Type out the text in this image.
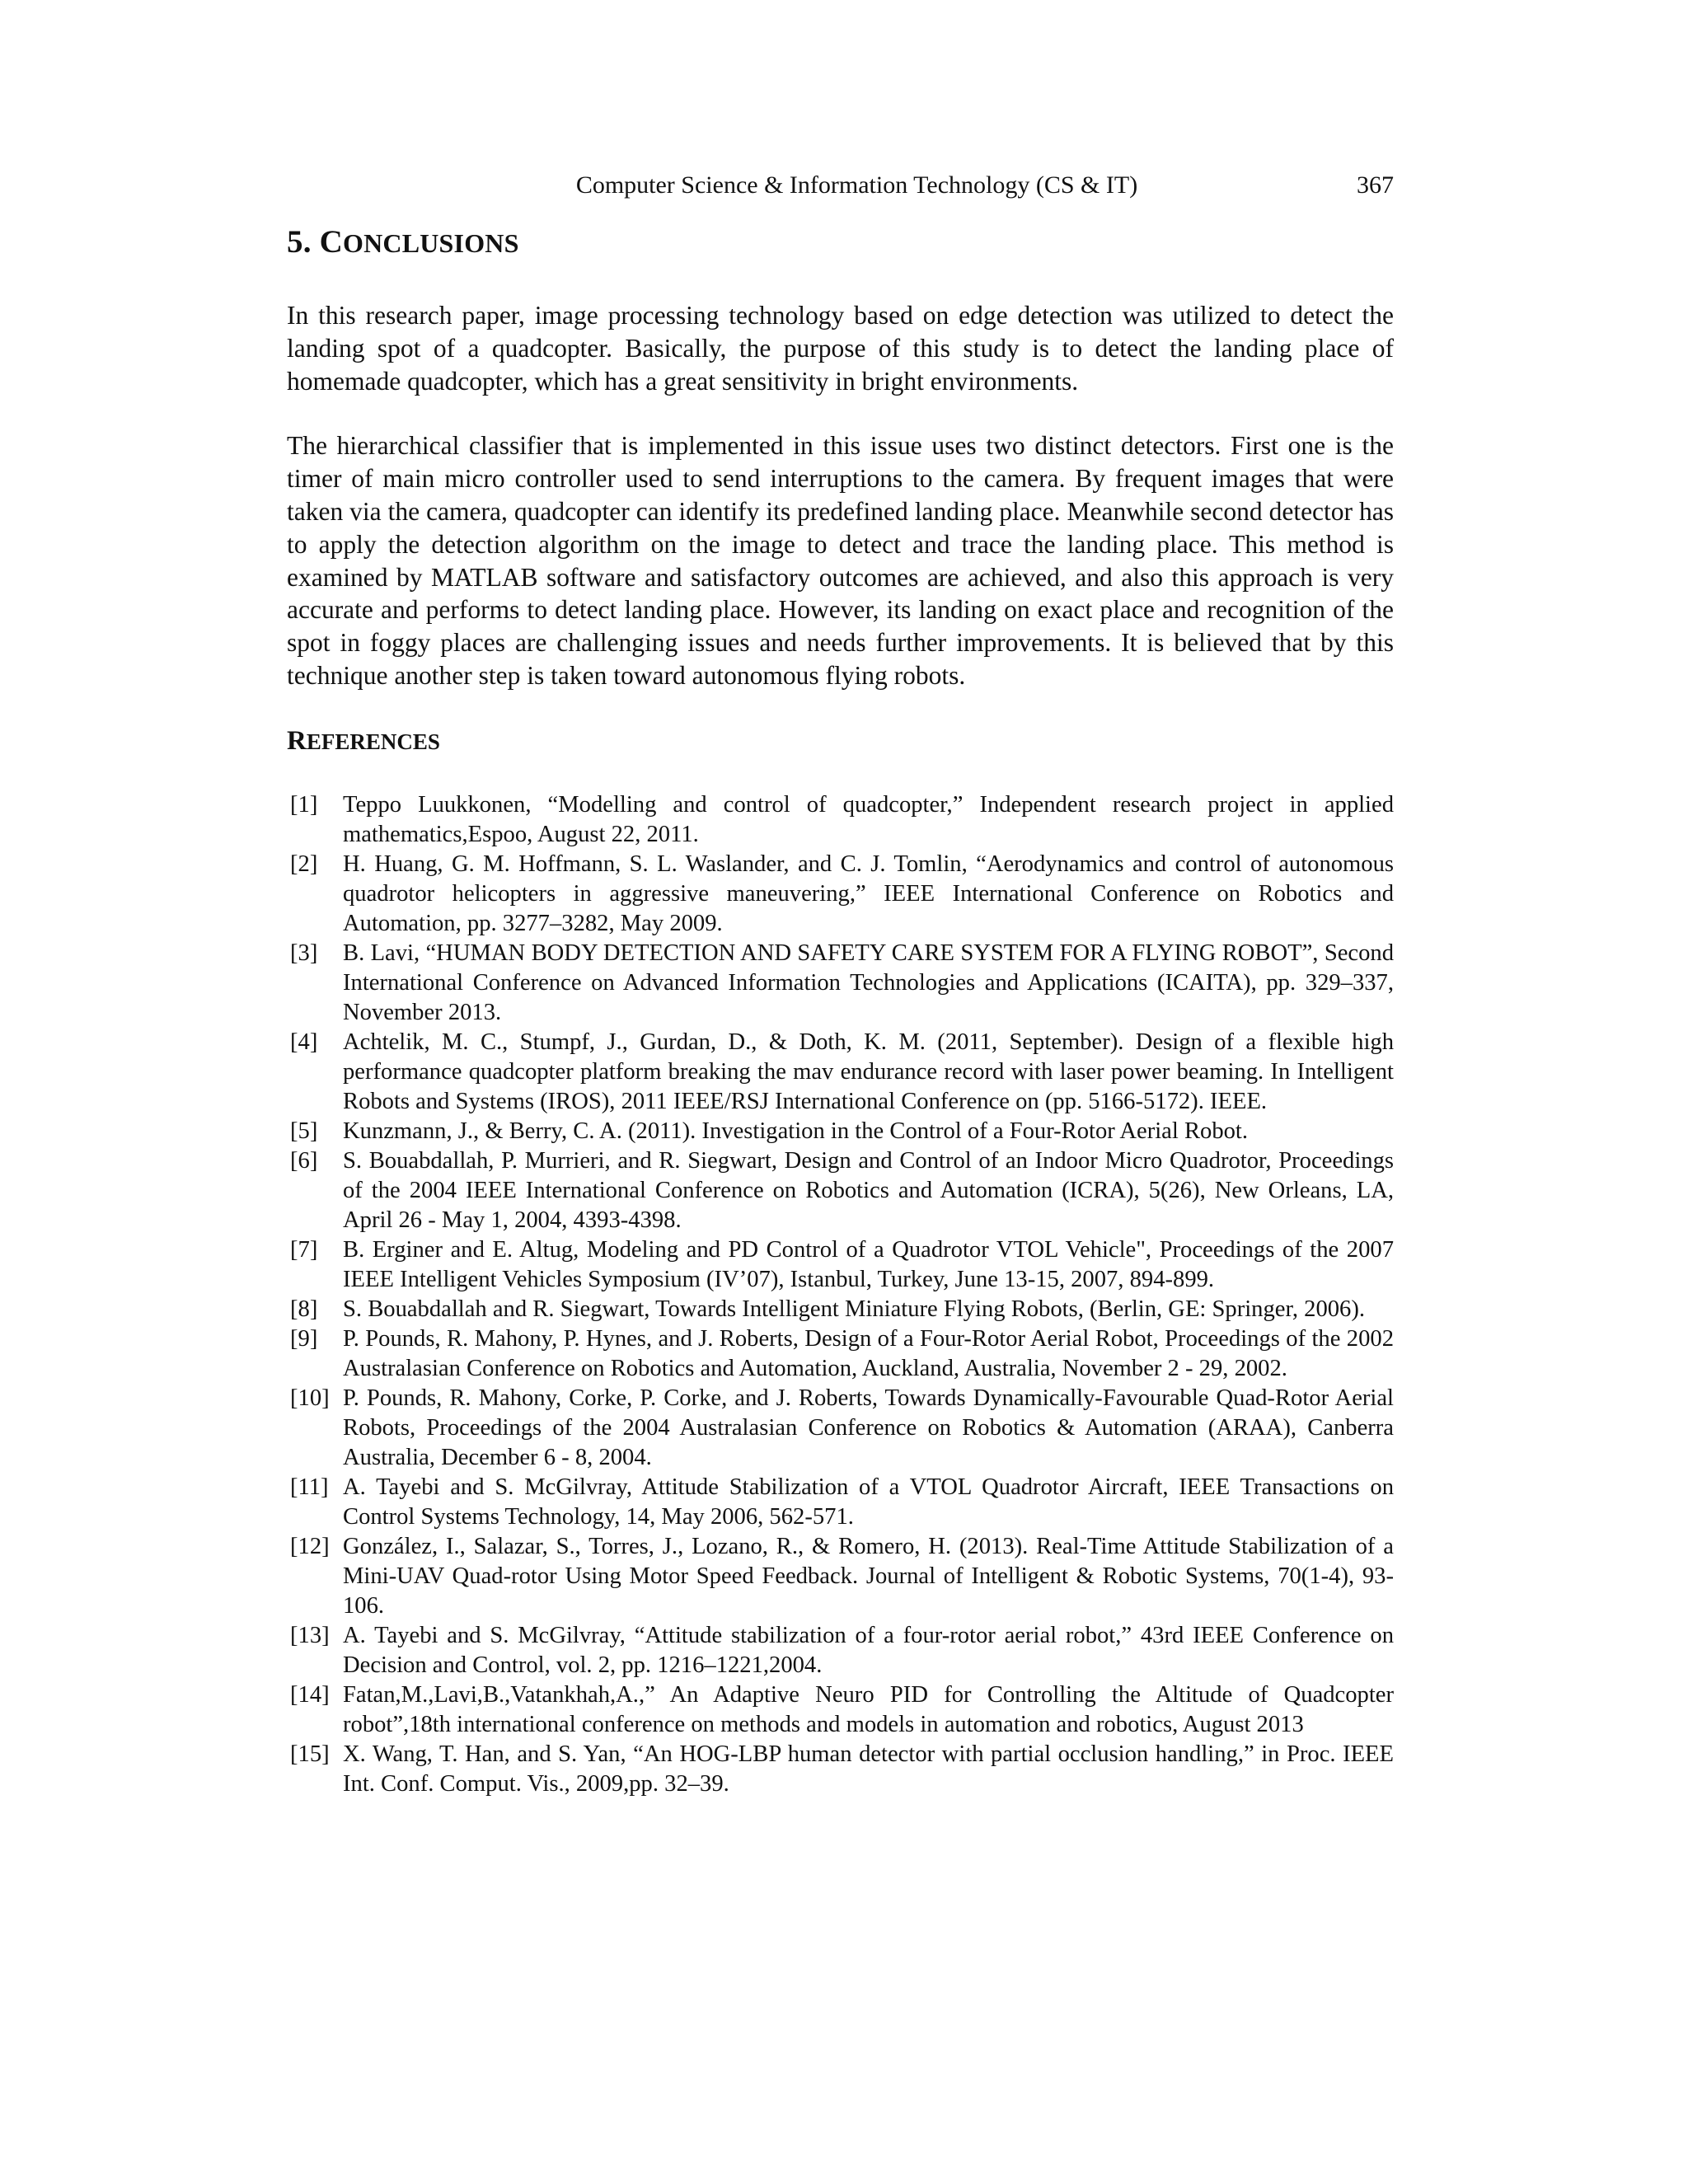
Computer Science & Information Technology (CS & IT)	367
5. CONCLUSIONS

In this research paper, image processing technology based on edge detection was utilized to detect the landing spot of a quadcopter. Basically, the purpose of this study is to detect the landing place of homemade quadcopter, which has a great sensitivity in bright environments.

The hierarchical classifier that is implemented in this issue uses two distinct detectors. First one is the timer of main micro controller used to send interruptions to the camera. By frequent images that were taken via the camera, quadcopter can identify its predefined landing place. Meanwhile second detector has to apply the detection algorithm on the image to detect and trace the landing place. This method is examined by MATLAB software and satisfactory outcomes are achieved, and also this approach is very accurate and performs to detect landing place. However, its landing on exact place and recognition of the spot in foggy places are challenging issues and needs further improvements. It is believed that by this technique another step is taken toward autonomous flying robots.

REFERENCES
[1]	Teppo Luukkonen, “Modelling and control of quadcopter,” Independent research project in applied mathematics,Espoo, August 22, 2011.
[2]	H. Huang, G. M. Hoffmann, S. L. Waslander, and C. J. Tomlin, “Aerodynamics and control of autonomous quadrotor helicopters in aggressive maneuvering,” IEEE International Conference on Robotics and Automation, pp. 3277–3282, May 2009.
[3]	B. Lavi, “HUMAN BODY DETECTION AND SAFETY CARE SYSTEM FOR A FLYING ROBOT”, Second International Conference on Advanced Information Technologies and Applications (ICAITA), pp. 329–337, November 2013.
[4]	Achtelik, M. C., Stumpf, J., Gurdan, D., & Doth, K. M. (2011, September). Design of a flexible high performance quadcopter platform breaking the mav endurance record with laser power beaming. In Intelligent Robots and Systems (IROS), 2011 IEEE/RSJ International Conference on (pp. 5166-5172). IEEE.
[5]	Kunzmann, J., & Berry, C. A. (2011). Investigation in the Control of a Four-Rotor Aerial Robot.
[6]	S. Bouabdallah, P. Murrieri, and R. Siegwart, Design and Control of an Indoor Micro Quadrotor, Proceedings of the 2004 IEEE International Conference on Robotics and Automation (ICRA), 5(26), New Orleans, LA, April 26 - May 1, 2004, 4393-4398.
[7]	B. Erginer and E. Altug, Modeling and PD Control of a Quadrotor VTOL Vehicle", Proceedings of the 2007 IEEE Intelligent Vehicles Symposium (IV’07), Istanbul, Turkey, June 13-15, 2007, 894-899.
[8]	S. Bouabdallah and R. Siegwart, Towards Intelligent Miniature Flying Robots, (Berlin, GE: Springer, 2006).
[9]	P. Pounds, R. Mahony, P. Hynes, and J. Roberts, Design of a Four-Rotor Aerial Robot, Proceedings of the 2002 Australasian Conference on Robotics and Automation, Auckland, Australia, November 2 - 29, 2002.
[10] P. Pounds, R. Mahony, Corke, P. Corke, and J. Roberts, Towards Dynamically-Favourable Quad-Rotor Aerial Robots, Proceedings of the 2004 Australasian Conference on Robotics & Automation (ARAA), Canberra Australia, December 6 - 8, 2004.
[11] A. Tayebi and S. McGilvray, Attitude Stabilization of a VTOL Quadrotor Aircraft, IEEE Transactions on Control Systems Technology, 14, May 2006, 562-571.
[12] González, I., Salazar, S., Torres, J., Lozano, R., & Romero, H. (2013). Real-Time Attitude Stabilization of a Mini-UAV Quad-rotor Using Motor Speed Feedback. Journal of Intelligent & Robotic Systems, 70(1-4), 93-106.
[13] A. Tayebi and S. McGilvray, “Attitude stabilization of a four-rotor aerial robot,” 43rd IEEE Conference on Decision and Control, vol. 2, pp. 1216–1221,2004.
[14] Fatan,M.,Lavi,B.,Vatankhah,A.,” An Adaptive Neuro PID for Controlling the Altitude of Quadcopter robot”,18th international conference on methods and models in automation and robotics, August 2013
[15] X. Wang, T. Han, and S. Yan, “An HOG-LBP human detector with partial occlusion handling,” in Proc. IEEE Int. Conf. Comput. Vis., 2009,pp. 32–39.
